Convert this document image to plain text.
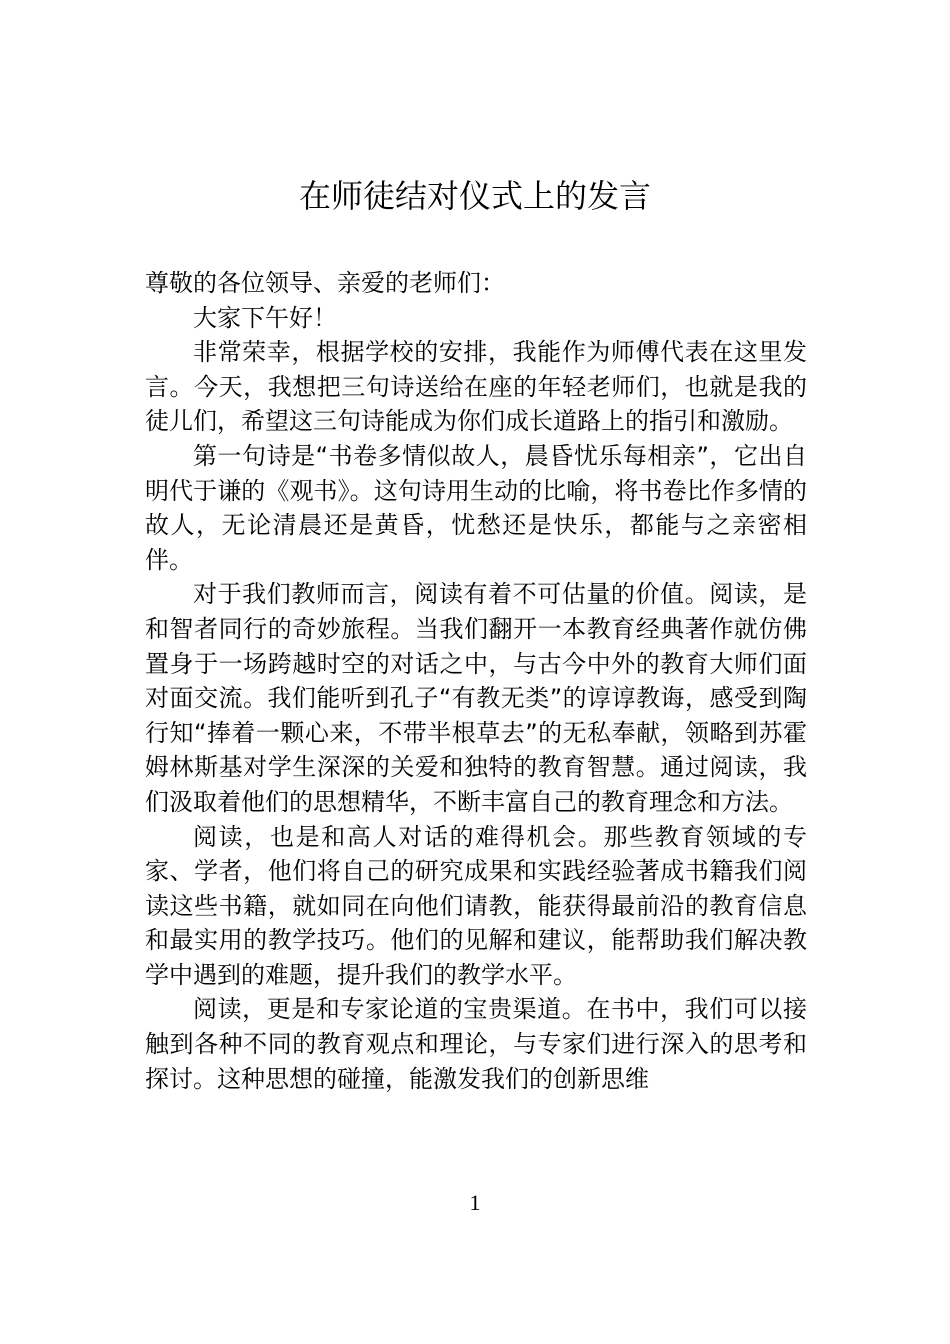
在师徒结对仪式上的发言

尊敬的各位领导、亲爱的老师们：

大家下午好！

非常荣幸，根据学校的安排，我能作为师傅代表在这里发言。今天，我想把三句诗送给在座的年轻老师们，也就是我的徒儿们，希望这三句诗能成为你们成长道路上的指引和激励。

第一句诗是“书卷多情似故人，晨昏忧乐每相亲”，它出自明代于谦的《观书》。这句诗用生动的比喻，将书卷比作多情的故人，无论清晨还是黄昏，忧愁还是快乐，都能与之亲密相伴。

对于我们教师而言，阅读有着不可估量的价值。阅读，是和智者同行的奇妙旅程。当我们翻开一本教育经典著作就仿佛置身于一场跨越时空的对话之中，与古今中外的教育大师们面对面交流。我们能听到孔子“有教无类”的谆谆教诲，感受到陶行知“捧着一颗心来，不带半根草去”的无私奉献，领略到苏霍姆林斯基对学生深深的关爱和独特的教育智慧。通过阅读，我们汲取着他们的思想精华，不断丰富自己的教育理念和方法。

阅读，也是和高人对话的难得机会。那些教育领域的专家、学者，他们将自己的研究成果和实践经验著成书籍我们阅读这些书籍，就如同在向他们请教，能获得最前沿的教育信息和最实用的教学技巧。他们的见解和建议，能帮助我们解决教学中遇到的难题，提升我们的教学水平。

阅读，更是和专家论道的宝贵渠道。在书中，我们可以接触到各种不同的教育观点和理论，与专家们进行深入的思考和探讨。这种思想的碰撞，能激发我们的创新思维

1
